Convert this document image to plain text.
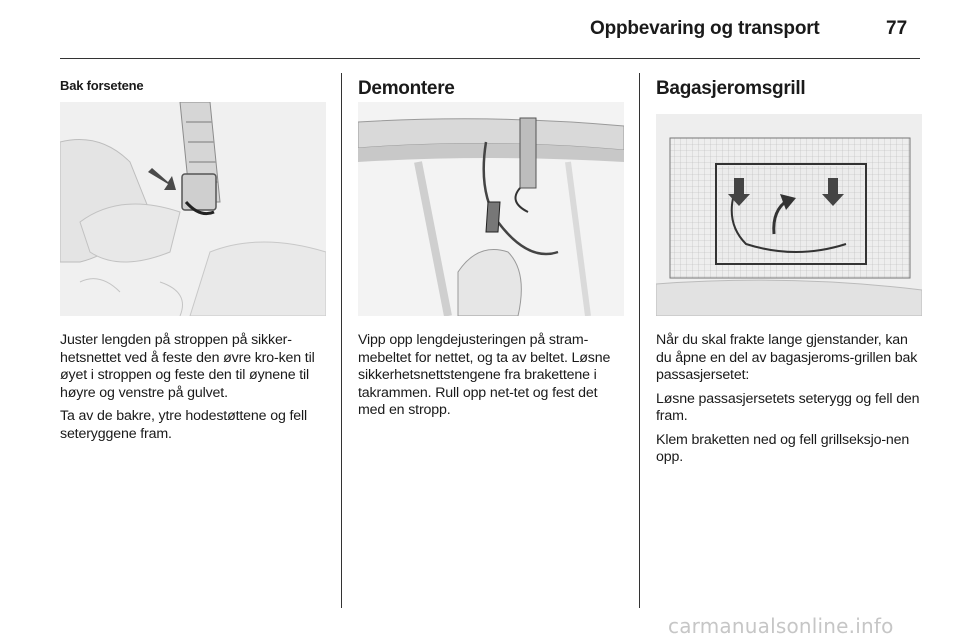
Oppbevaring og transport	77

Bak forsetene

Juster lengden på stroppen på sikker-hetsnettet ved å feste den øvre kro-ken til øyet i stroppen og feste den til øynene til høyre og venstre på gulvet.

Ta av de bakre, ytre hodestøttene og fell seteryggene fram.

Demontere

Vipp opp lengdejusteringen på stram-mebeltet for nettet, og ta av beltet. Løsne sikkerhetsnettstengene fra brakettene i takrammen. Rull opp net-tet og fest det med en stropp.

Bagasjeromsgrill

Når du skal frakte lange gjenstander, kan du åpne en del av bagasjeroms-grillen bak passasjersetet:

Løsne passasjersetets seterygg og fell den fram.

Klem braketten ned og fell grillseksjo-nen opp.

carmanualsonline.info
